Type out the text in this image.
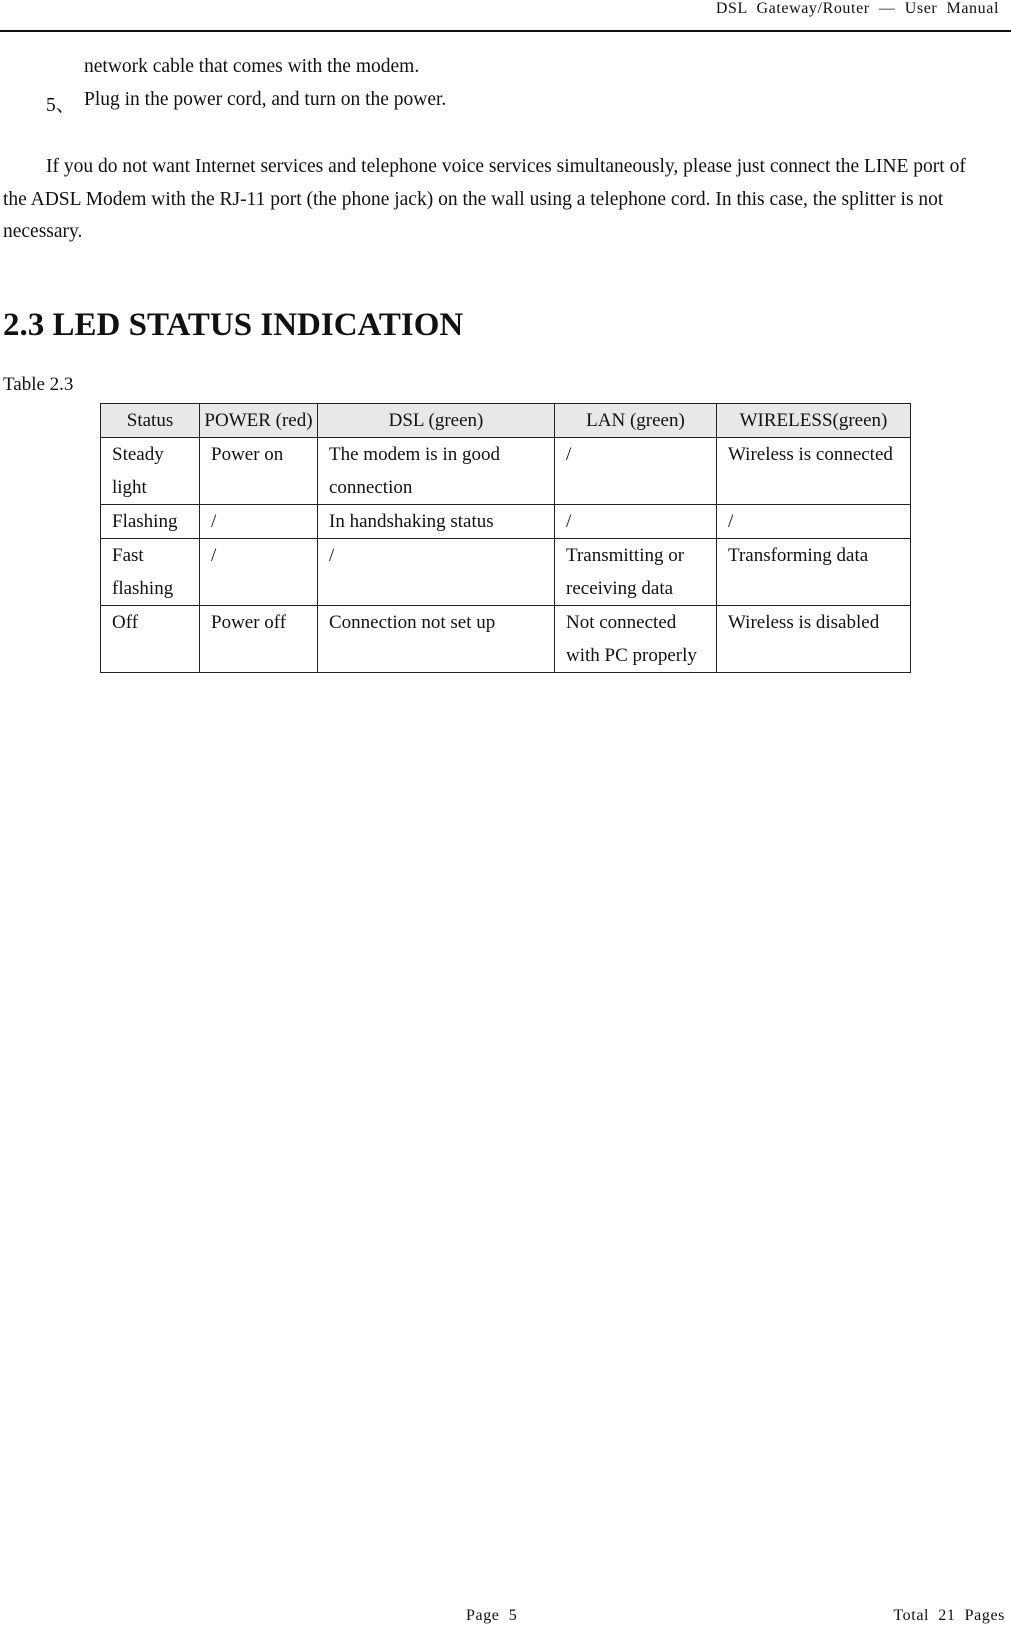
DSL  Gateway/Router  —  User  Manual
network cable that comes with the modem.
5、 Plug in the power cord, and turn on the power.

If you do not want Internet services and telephone voice services simultaneously, please just connect the LINE port of the ADSL Modem with the RJ-11 port (the phone jack) on the wall using a telephone cord. In this case, the splitter is not necessary.

2.3 LED STATUS INDICATION
Table 2.3
Status	POWER (red)	DSL (green)	LAN (green)	WIRELESS(green)
Steady light	Power on	The modem is in good connection	/	Wireless is connected
Flashing	/	In handshaking status	/	/
Fast flashing	/	/	Transmitting or receiving data	Transforming data
Off	Power off	Connection not set up	Not connected with PC properly	Wireless is disabled
Page  5	Total  21  Pages
